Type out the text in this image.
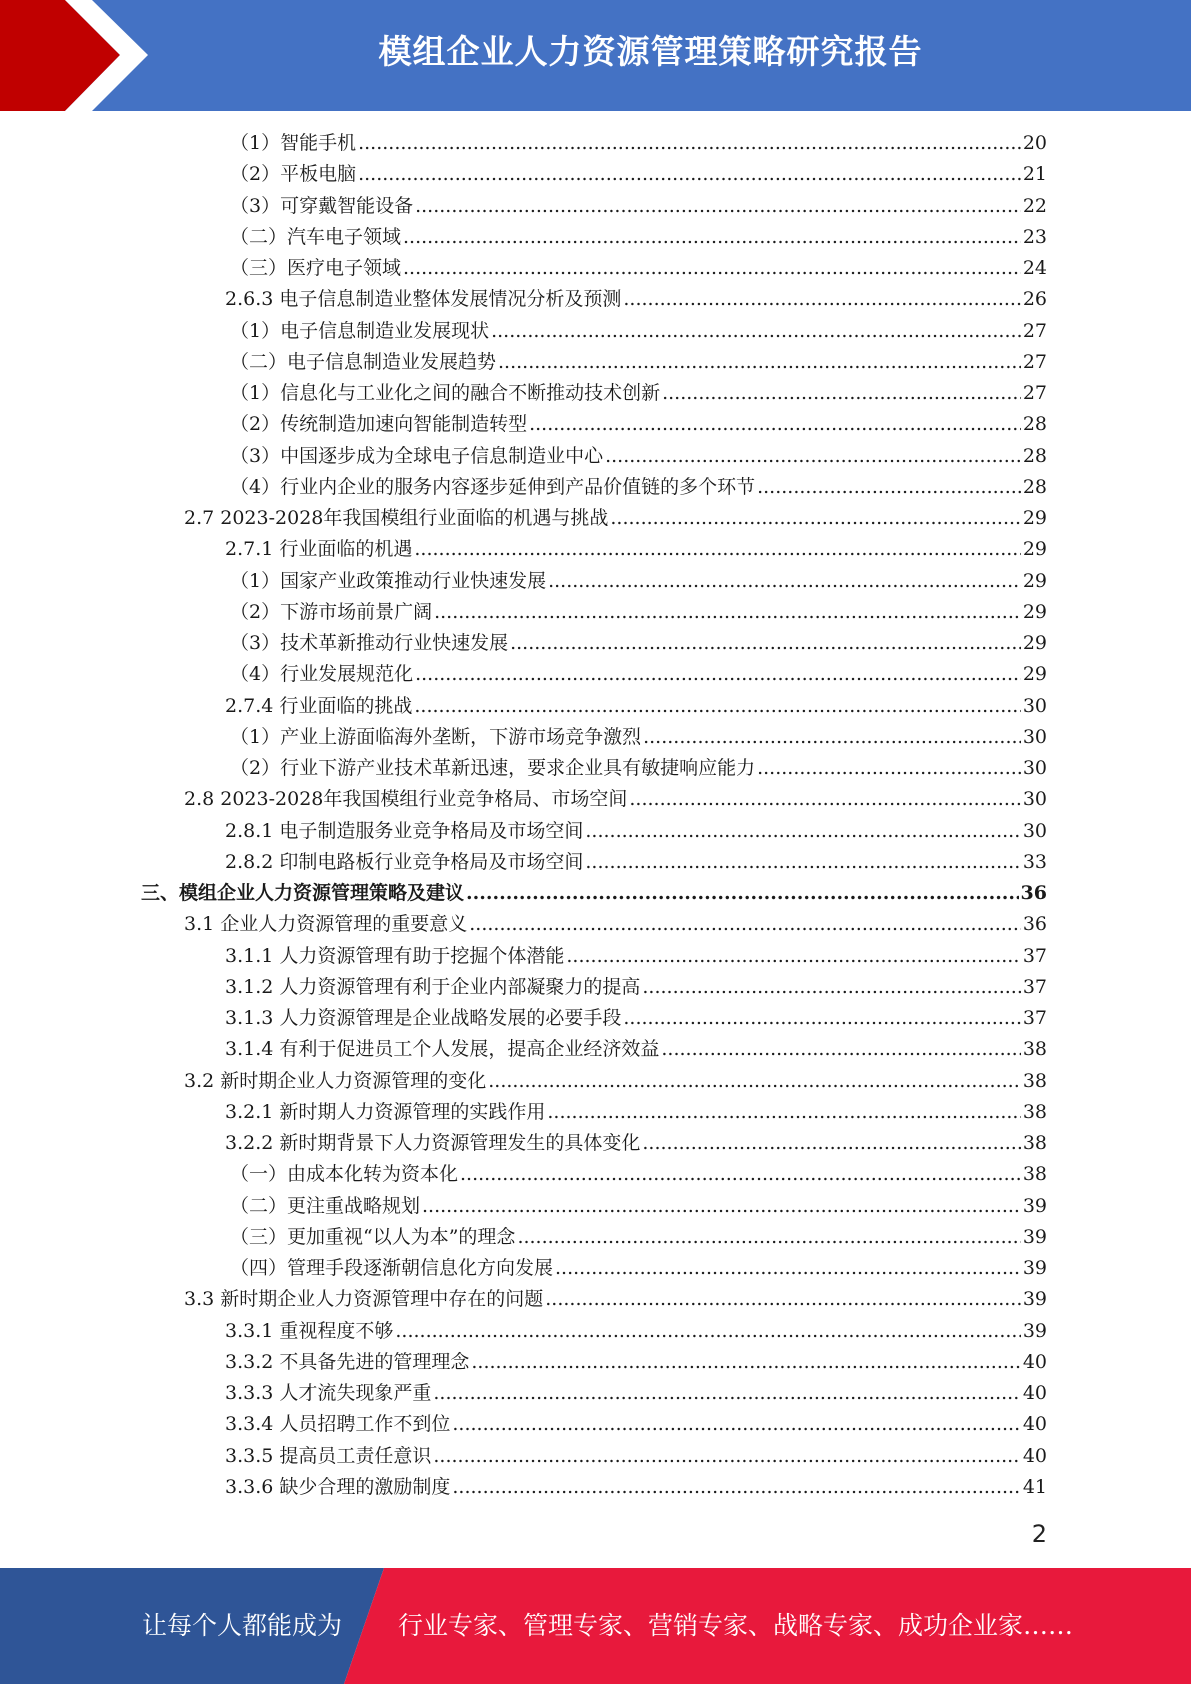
模组企业人力资源管理策略研究报告
（1）智能手机 .....	20
（2）平板电脑 .....	21
（3）可穿戴智能设备 .....	22
（二）汽车电子领域 .....	23
（三）医疗电子领域 .....	24
2.6.3 电子信息制造业整体发展情况分析及预测 .....	26
（1）电子信息制造业发展现状 .....	27
（二）电子信息制造业发展趋势 .....	27
（1）信息化与工业化之间的融合不断推动技术创新 .....	27
（2）传统制造加速向智能制造转型 .....	28
（3）中国逐步成为全球电子信息制造业中心 .....	28
（4）行业内企业的服务内容逐步延伸到产品价值链的多个环节 .....	28
2.7 2023-2028年我国模组行业面临的机遇与挑战 .....	29
2.7.1 行业面临的机遇 .....	29
（1）国家产业政策推动行业快速发展 .....	29
（2）下游市场前景广阔 .....	29
（3）技术革新推动行业快速发展 .....	29
（4）行业发展规范化 .....	29
2.7.4 行业面临的挑战 .....	30
（1）产业上游面临海外垄断，下游市场竞争激烈 .....	30
（2）行业下游产业技术革新迅速，要求企业具有敏捷响应能力 .....	30
2.8 2023-2028年我国模组行业竞争格局、市场空间 .....	30
2.8.1 电子制造服务业竞争格局及市场空间 .....	30
2.8.2 印制电路板行业竞争格局及市场空间 .....	33
三、模组企业人力资源管理策略及建议 .....	36
3.1 企业人力资源管理的重要意义 .....	36
3.1.1 人力资源管理有助于挖掘个体潜能 .....	37
3.1.2 人力资源管理有利于企业内部凝聚力的提高 .....	37
3.1.3 人力资源管理是企业战略发展的必要手段 .....	37
3.1.4 有利于促进员工个人发展，提高企业经济效益 .....	38
3.2 新时期企业人力资源管理的变化 .....	38
3.2.1 新时期人力资源管理的实践作用 .....	38
3.2.2 新时期背景下人力资源管理发生的具体变化 .....	38
（一）由成本化转为资本化 .....	38
（二）更注重战略规划 .....	39
（三）更加重视“以人为本”的理念 .....	39
（四）管理手段逐渐朝信息化方向发展 .....	39
3.3 新时期企业人力资源管理中存在的问题 .....	39
3.3.1 重视程度不够 .....	39
3.3.2 不具备先进的管理理念 .....	40
3.3.3 人才流失现象严重 .....	40
3.3.4 人员招聘工作不到位 .....	40
3.3.5 提高员工责任意识 .....	40
3.3.6 缺少合理的激励制度 .....	41
2
让每个人都能成为 行业专家、管理专家、营销专家、战略专家、成功企业家……
